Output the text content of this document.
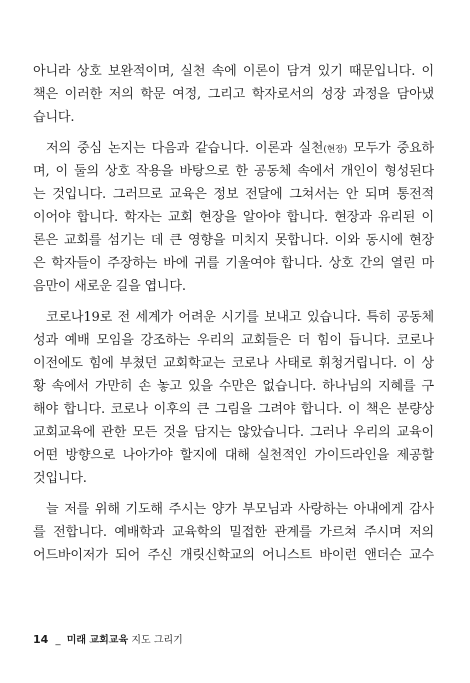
아니라 상호 보완적이며, 실천 속에 이론이 담겨 있기 때문입니다. 이
책은 이러한 저의 학문 여정, 그리고 학자로서의 성장 과정을 담아냈
습니다.
저의 중심 논지는 다음과 같습니다. 이론과 실천(현장) 모두가 중요하
며, 이 둘의 상호 작용을 바탕으로 한 공동체 속에서 개인이 형성된다
는 것입니다. 그러므로 교육은 정보 전달에 그쳐서는 안 되며 통전적
이어야 합니다. 학자는 교회 현장을 알아야 합니다. 현장과 유리된 이
론은 교회를 섬기는 데 큰 영향을 미치지 못합니다. 이와 동시에 현장
은 학자들이 주장하는 바에 귀를 기울여야 합니다. 상호 간의 열린 마
음만이 새로운 길을 엽니다.
코로나19로 전 세계가 어려운 시기를 보내고 있습니다. 특히 공동체
성과 예배 모임을 강조하는 우리의 교회들은 더 힘이 듭니다. 코로나
이전에도 힘에 부쳤던 교회학교는 코로나 사태로 휘청거립니다. 이 상
황 속에서 가만히 손 놓고 있을 수만은 없습니다. 하나님의 지혜를 구
해야 합니다. 코로나 이후의 큰 그림을 그려야 합니다. 이 책은 분량상
교회교육에 관한 모든 것을 담지는 않았습니다. 그러나 우리의 교육이
어떤 방향으로 나아가야 할지에 대해 실천적인 가이드라인을 제공할
것입니다.
늘 저를 위해 기도해 주시는 양가 부모님과 사랑하는 아내에게 감사
를 전합니다. 예배학과 교육학의 밀접한 관계를 가르쳐 주시며 저의
어드바이저가 되어 주신 개릿신학교의 어니스트 바이런 앤더슨 교수
14 _ 미래 교회교육 지도 그리기
